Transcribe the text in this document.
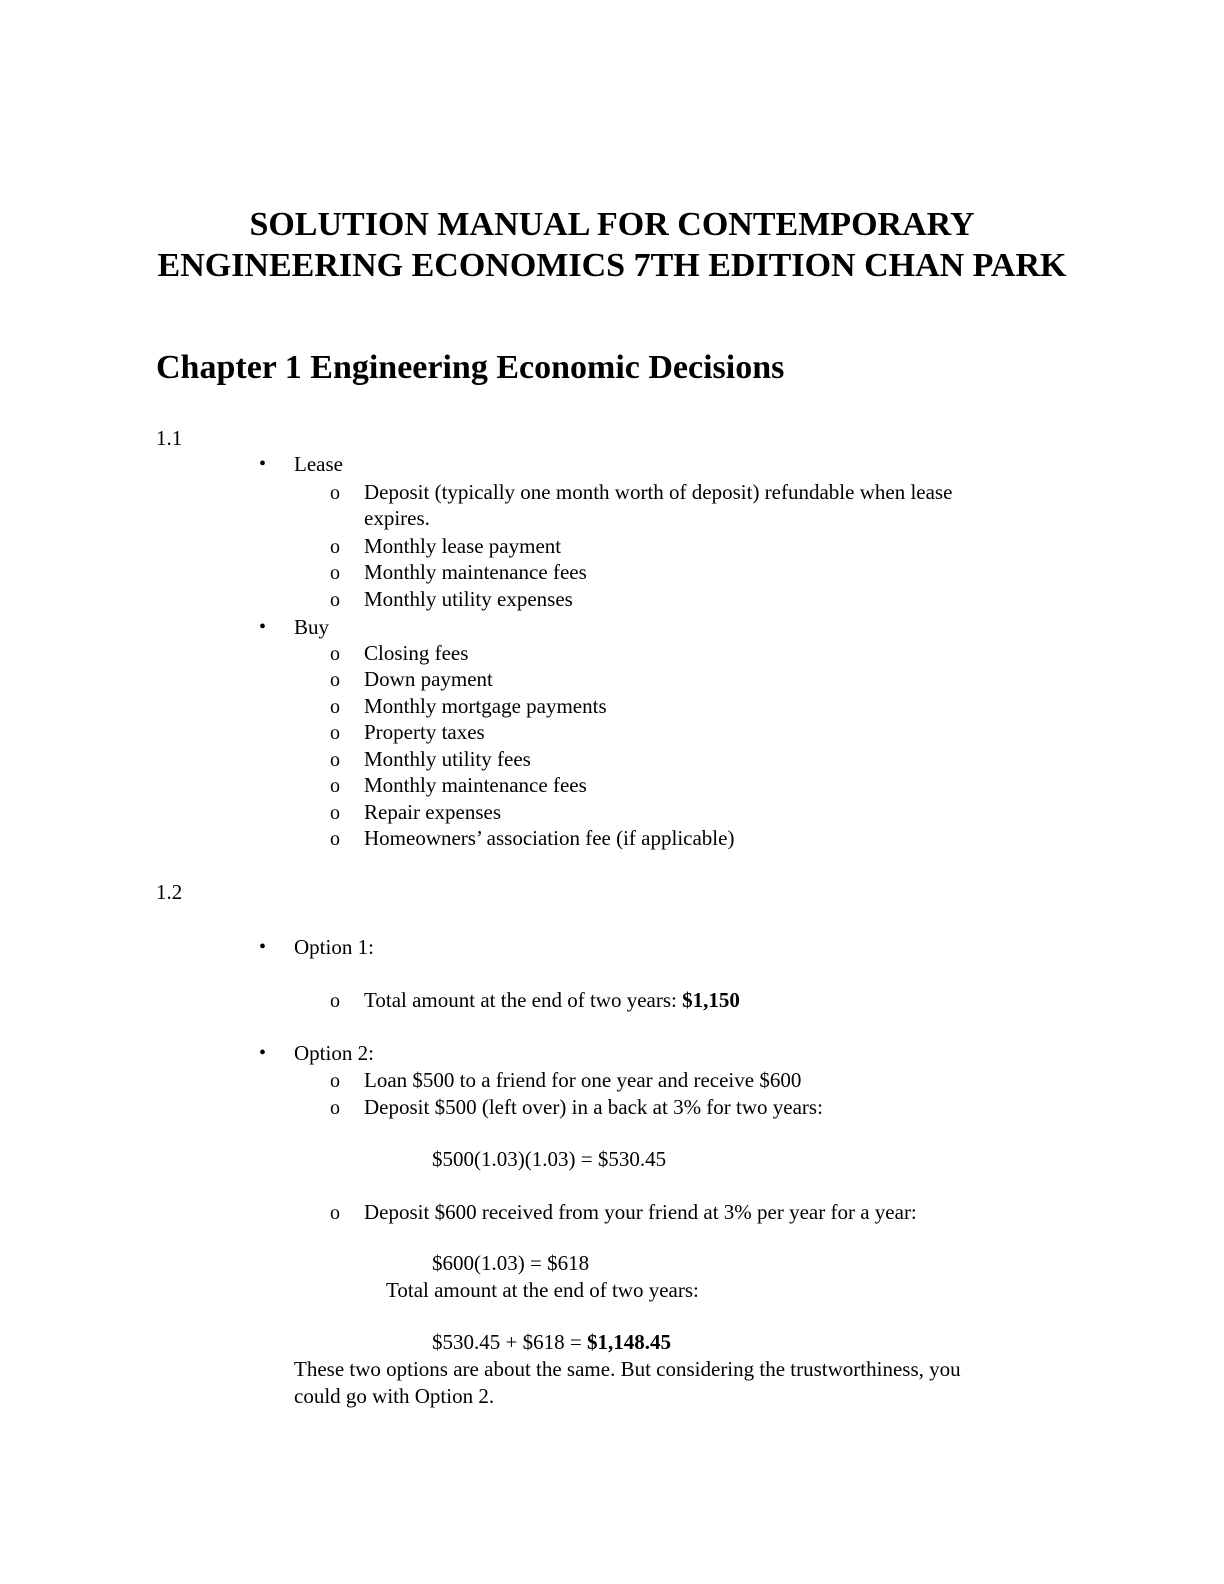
SOLUTION MANUAL FOR CONTEMPORARY
ENGINEERING ECONOMICS 7TH EDITION CHAN PARK
Chapter 1 Engineering Economic Decisions
1.1
• Lease
o Deposit (typically one month worth of deposit) refundable when lease
expires.
o Monthly lease payment
o Monthly maintenance fees
o Monthly utility expenses
• Buy
o Closing fees
o Down payment
o Monthly mortgage payments
o Property taxes
o Monthly utility fees
o Monthly maintenance fees
o Repair expenses
o Homeowners’ association fee (if applicable)
1.2
• Option 1:
o Total amount at the end of two years: $1,150
• Option 2:
o Loan $500 to a friend for one year and receive $600
o Deposit $500 (left over) in a back at 3% for two years:
$500(1.03)(1.03) = $530.45
o Deposit $600 received from your friend at 3% per year for a year:
$600(1.03) = $618
Total amount at the end of two years:
$530.45 + $618 = $1,148.45
These two options are about the same. But considering the trustworthiness, you
could go with Option 2.
